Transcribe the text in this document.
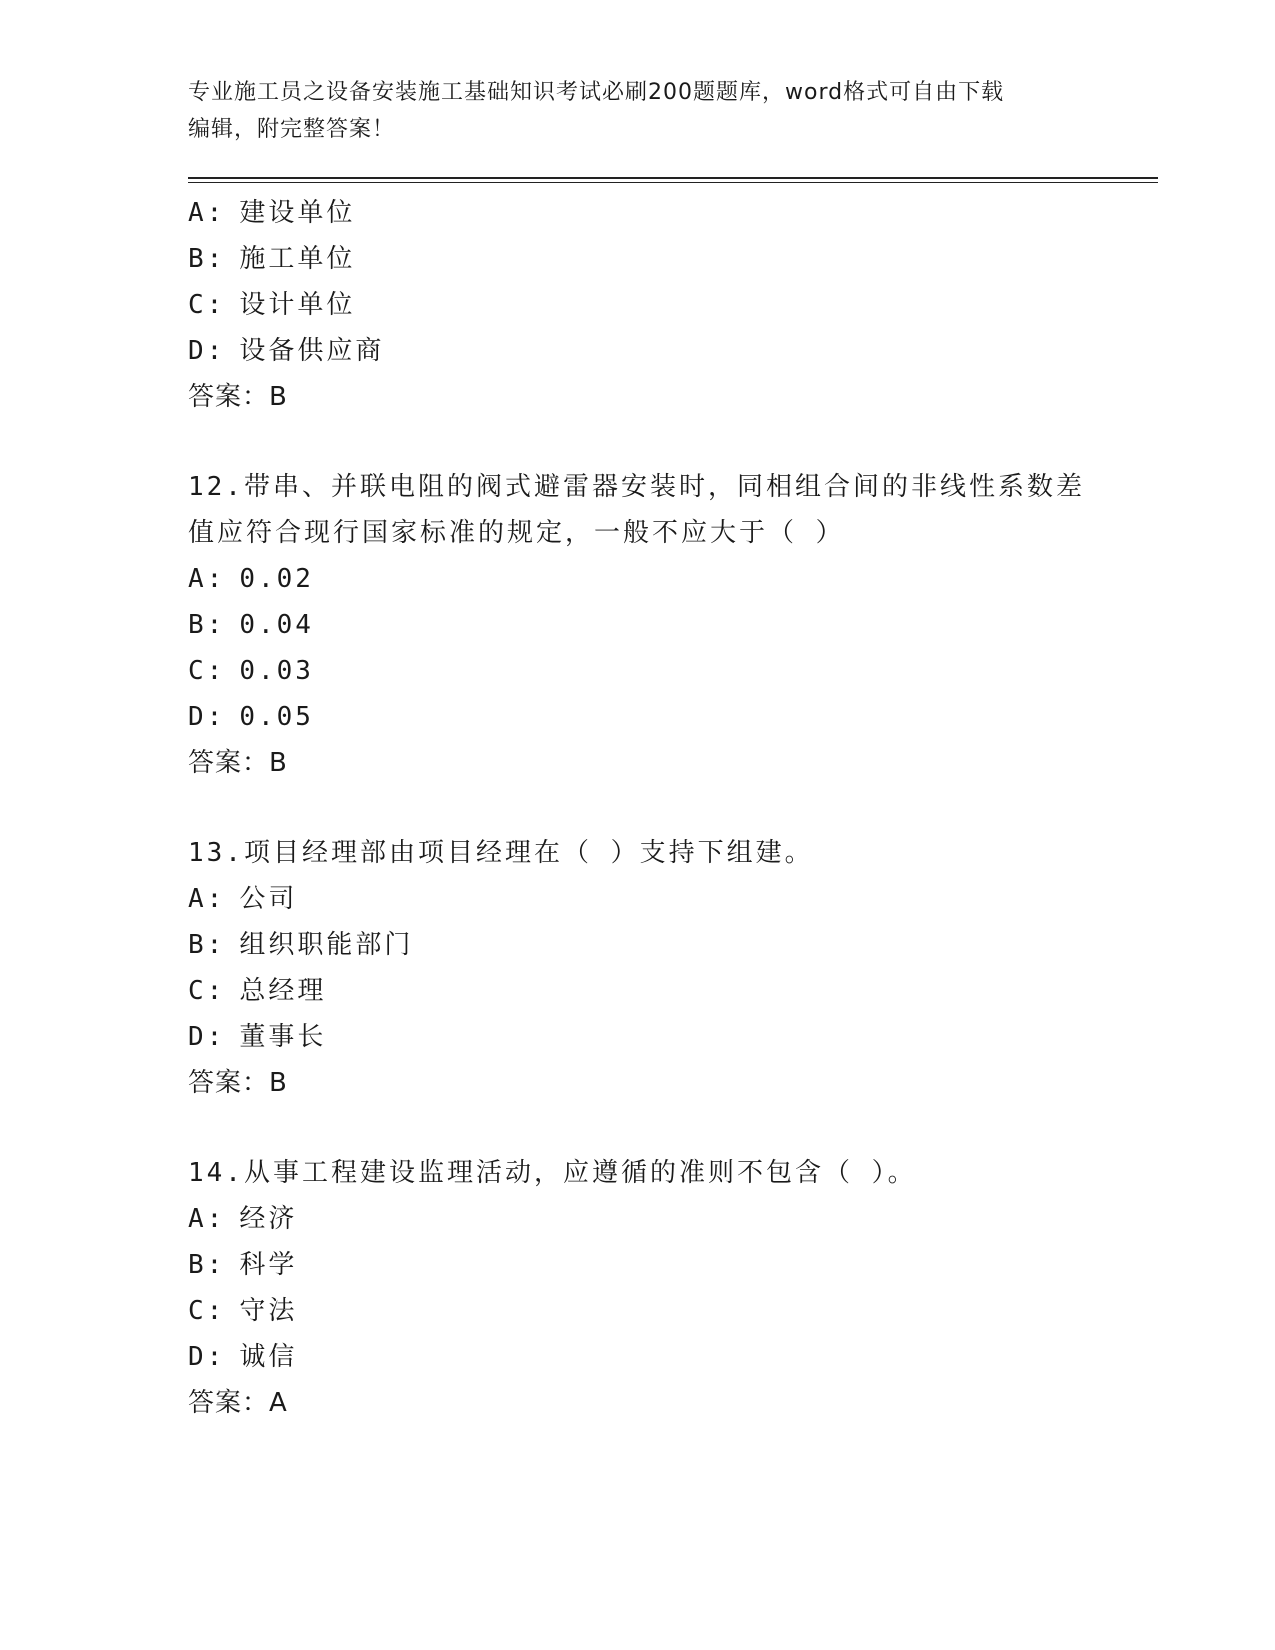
专业施工员之设备安装施工基础知识考试必刷200题题库，word格式可自由下载
编辑，附完整答案！
A: 建设单位
B: 施工单位
C: 设计单位
D: 设备供应商
答案：B
12.带串、并联电阻的阀式避雷器安装时，同相组合间的非线性系数差
值应符合现行国家标准的规定，一般不应大于（ ）
A: 0.02
B: 0.04
C: 0.03
D: 0.05
答案：B
13.项目经理部由项目经理在（ ）支持下组建。
A: 公司
B: 组织职能部门
C: 总经理
D: 董事长
答案：B
14.从事工程建设监理活动，应遵循的准则不包含（ ）。
A: 经济
B: 科学
C: 守法
D: 诚信
答案：A
